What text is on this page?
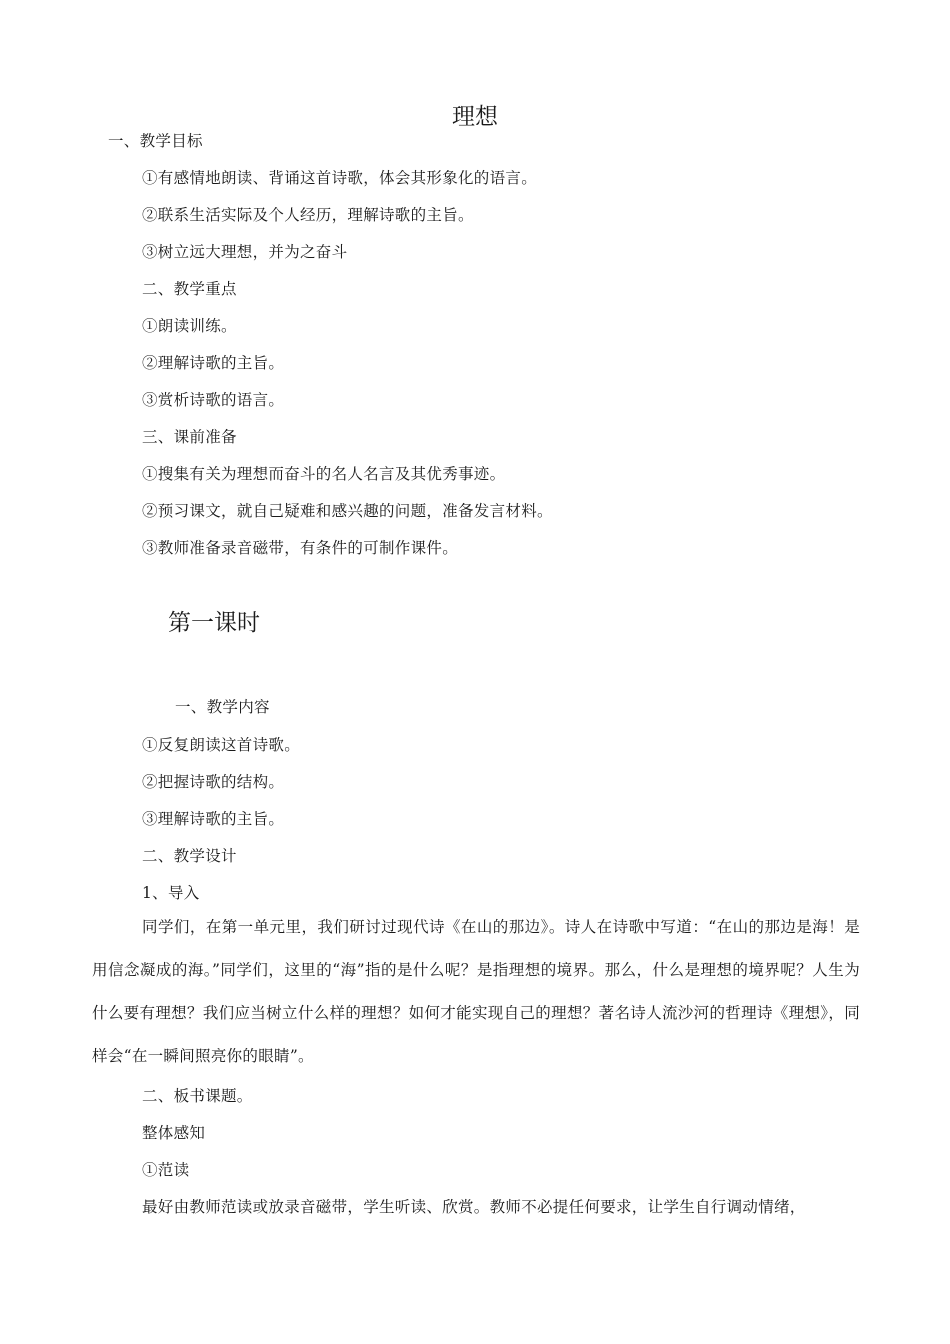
理想
一、教学目标
①有感情地朗读、背诵这首诗歌，体会其形象化的语言。
②联系生活实际及个人经历，理解诗歌的主旨。
③树立远大理想，并为之奋斗
二、教学重点
①朗读训练。
②理解诗歌的主旨。
③赏析诗歌的语言。
三、课前准备
①搜集有关为理想而奋斗的名人名言及其优秀事迹。
②预习课文，就自己疑难和感兴趣的问题，准备发言材料。
③教师准备录音磁带，有条件的可制作课件。
第一课时
一、教学内容
①反复朗读这首诗歌。
②把握诗歌的结构。
③理解诗歌的主旨。
二、教学设计
1、导入
同学们，在第一单元里，我们研讨过现代诗《在山的那边》。诗人在诗歌中写道：“在山的那边是海！是用信念凝成的海。”同学们，这里的“海”指的是什么呢？是指理想的境界。那么，什么是理想的境界呢？人生为什么要有理想？我们应当树立什么样的理想？如何才能实现自己的理想？著名诗人流沙河的哲理诗《理想》，同样会“在一瞬间照亮你的眼睛”。
二、板书课题。
整体感知
①范读
最好由教师范读或放录音磁带，学生听读、欣赏。教师不必提任何要求，让学生自行调动情绪，
